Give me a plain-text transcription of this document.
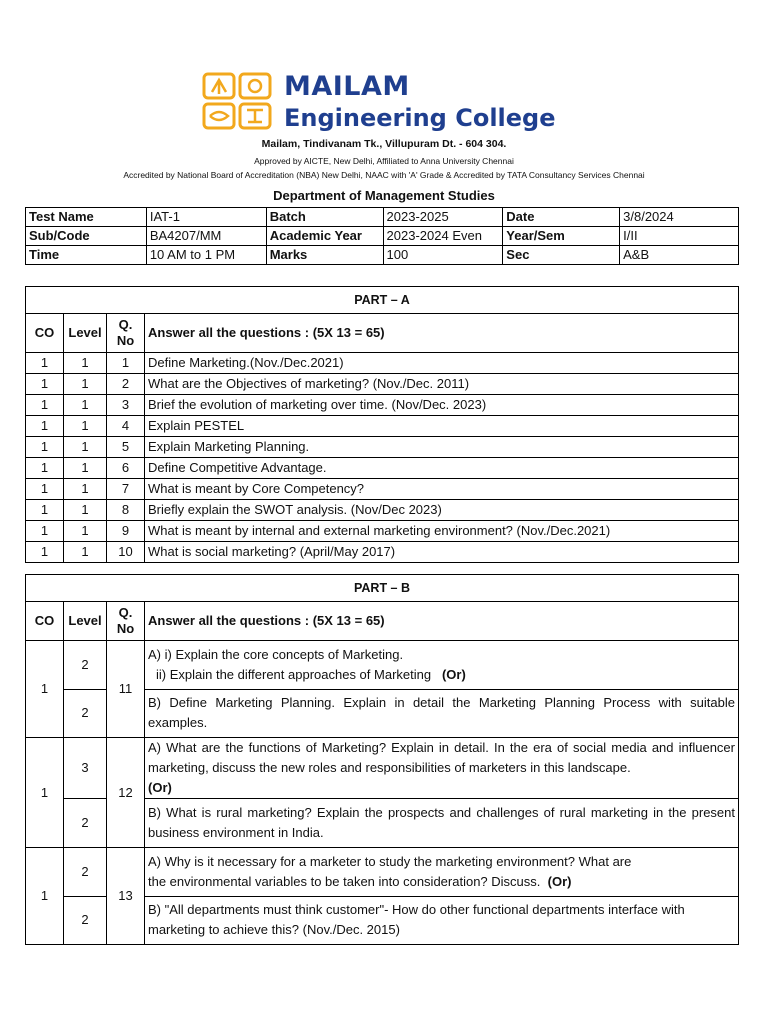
MAILAM
Engineering College
Mailam, Tindivanam Tk., Villupuram Dt. - 604 304.
Approved by AICTE, New Delhi, Affiliated to Anna University Chennai
Accredited by National Board of Accreditation (NBA) New Delhi, NAAC with 'A' Grade & Accredited by TATA Consultancy Services Chennai
Department of Management Studies
Test Name	IAT-1	Batch	2023-2025	Date	3/8/2024
Sub/Code	BA4207/MM	Academic Year	2023-2024 Even	Year/Sem	I/II
Time	10 AM to 1 PM	Marks	100	Sec	A&B
PART – A			
CO	Level	Q. No	Answer all the questions : (5X 13 = 65)
1	1	1	Define Marketing.(Nov./Dec.2021)
1	1	2	What are the Objectives of marketing? (Nov./Dec. 2011)
1	1	3	Brief the evolution of marketing over time. (Nov/Dec. 2023)
1	1	4	Explain PESTEL
1	1	5	Explain Marketing Planning.
1	1	6	Define Competitive Advantage.
1	1	7	What is meant by Core Competency?
1	1	8	Briefly explain the SWOT analysis. (Nov/Dec 2023)
1	1	9	What is meant by internal and external marketing environment? (Nov./Dec.2021)
1	1	10	What is social marketing? (April/May 2017)
PART – B			
CO	Level	Q. No	Answer all the questions : (5X 13 = 65)
1	2	11	A) i) Explain the core concepts of Marketing.
ii) Explain the different approaches of Marketing (Or)

	2		B) Define Marketing Planning. Explain in detail the Marketing Planning Process with suitable examples.
1	3	12	A) What are the functions of Marketing? Explain in detail. In the era of social media and influencer marketing, discuss the new roles and responsibilities of marketers in this landscape.
(Or)
	2		B) What is rural marketing? Explain the prospects and challenges of rural marketing in the present business environment in India.
1	2	13	A) Why is it necessary for a marketer to study the marketing environment? What are
the environmental variables to be taken into consideration? Discuss. (Or)

	2		B) "All departments must think customer"- How do other functional departments interface with marketing to achieve this? (Nov./Dec. 2015)
